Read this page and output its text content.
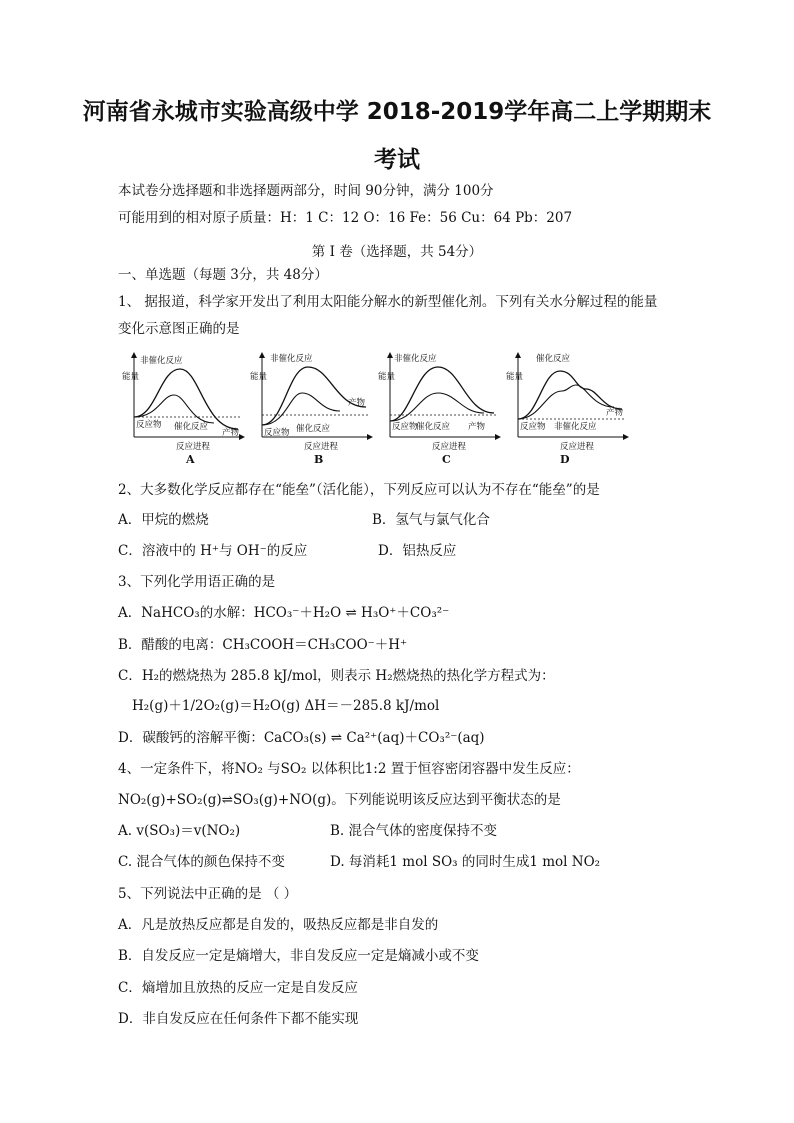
河南省永城市实验高级中学 2018-2019学年高二上学期期末
考试
本试卷分选择题和非选择题两部分，时间 90分钟，满分 100分
可能用到的相对原子质量：H：1 C：12 O：16 Fe：56 Cu：64 Pb：207
第 I 卷（选择题，共 54分）
一、单选题（每题 3分，共 48分）
1、 据报道，科学家开发出了利用太阳能分解水的新型催化剂。下列有关水分解过程的能量
变化示意图正确的是
非催化反应
催化反应
能量
反应物
产物
反应进程
A
非催化反应
催化反应
能量
反应物
产物
反应进程
B
非催化反应
催化反应
能量
反应物	产物
反应进程
C
催化反应
非催化反应
能量
反应物
产物
反应进程
D
2、大多数化学反应都存在“能垒”（活化能），下列反应可以认为不存在“能垒”的是
A．甲烷的燃烧	B．氢气与氯气化合
C．溶液中的 H⁺与 OH⁻的反应	D．铝热反应
3、下列化学用语正确的是
A．NaHCO₃的水解：HCO₃⁻＋H₂O ⇌ H₃O⁺＋CO₃²⁻
B．醋酸的电离：CH₃COOH＝CH₃COO⁻＋H⁺
C．H₂的燃烧热为 285.8 kJ/mol，则表示 H₂燃烧热的热化学方程式为：
H₂(g)＋1/2O₂(g)＝H₂O(g) ΔH＝－285.8 kJ/mol
D．碳酸钙的溶解平衡：CaCO₃(s) ⇌ Ca²⁺(aq)＋CO₃²⁻(aq)
4、一定条件下，将NO₂ 与SO₂ 以体积比1:2 置于恒容密闭容器中发生反应：
NO₂(g)+SO₂(g)⇌SO₃(g)+NO(g)。下列能说明该反应达到平衡状态的是
A. v(SO₃)＝v(NO₂)	B. 混合气体的密度保持不变
C. 混合气体的颜色保持不变	D. 每消耗1 mol SO₃ 的同时生成1 mol NO₂
5、下列说法中正确的是 （ ）
A．凡是放热反应都是自发的，吸热反应都是非自发的
B．自发反应一定是熵增大，非自发反应一定是熵减小或不变
C．熵增加且放热的反应一定是自发反应
D．非自发反应在任何条件下都不能实现
